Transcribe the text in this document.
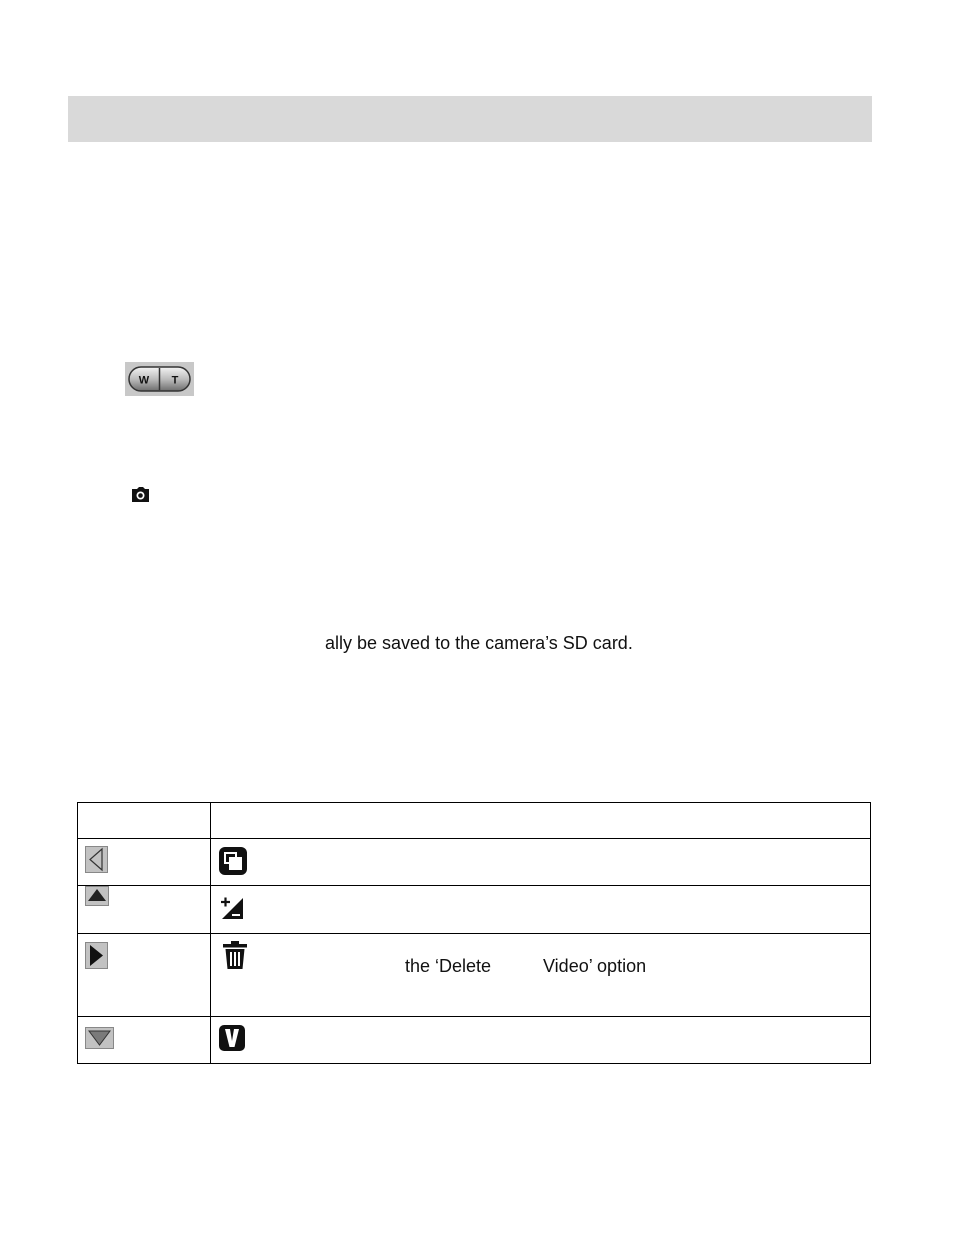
W T
ally be saved to the camera’s SD card.

the ‘Delete Video’ option
